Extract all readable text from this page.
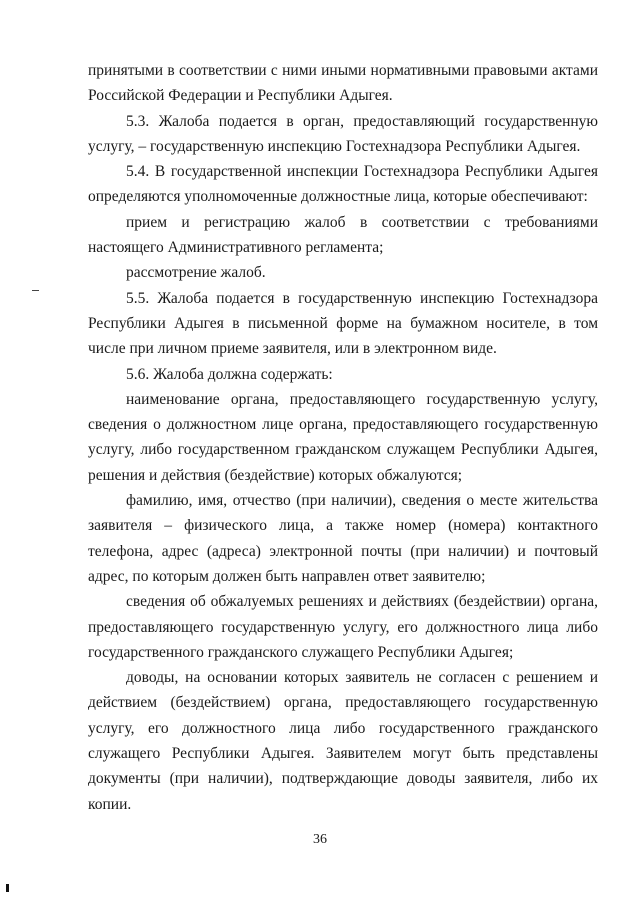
принятыми в соответствии с ними иными нормативными правовыми актами Российской Федерации и Республики Адыгея.

5.3. Жалоба подается в орган, предоставляющий государственную услугу, – государственную инспекцию Гостехнадзора Республики Адыгея.

5.4. В государственной инспекции Гостехнадзора Республики Адыгея определяются уполномоченные должностные лица, которые обеспечивают:

прием и регистрацию жалоб в соответствии с требованиями настоящего Административного регламента;

рассмотрение жалоб.

5.5. Жалоба подается в государственную инспекцию Гостехнадзора Республики Адыгея в письменной форме на бумажном носителе, в том числе при личном приеме заявителя, или в электронном виде.

5.6. Жалоба должна содержать:

наименование органа, предоставляющего государственную услугу, сведения о должностном лице органа, предоставляющего государственную услугу, либо государственном гражданском служащем Республики Адыгея, решения и действия (бездействие) которых обжалуются;

фамилию, имя, отчество (при наличии), сведения о месте жительства заявителя – физического лица, а также номер (номера) контактного телефона, адрес (адреса) электронной почты (при наличии) и почтовый адрес, по которым должен быть направлен ответ заявителю;

сведения об обжалуемых решениях и действиях (бездействии) органа, предоставляющего государственную услугу, его должностного лица либо государственного гражданского служащего Республики Адыгея;

доводы, на основании которых заявитель не согласен с решением и действием (бездействием) органа, предоставляющего государственную услугу, его должностного лица либо государственного гражданского служащего Республики Адыгея. Заявителем могут быть представлены документы (при наличии), подтверждающие доводы заявителя, либо их копии.

36
